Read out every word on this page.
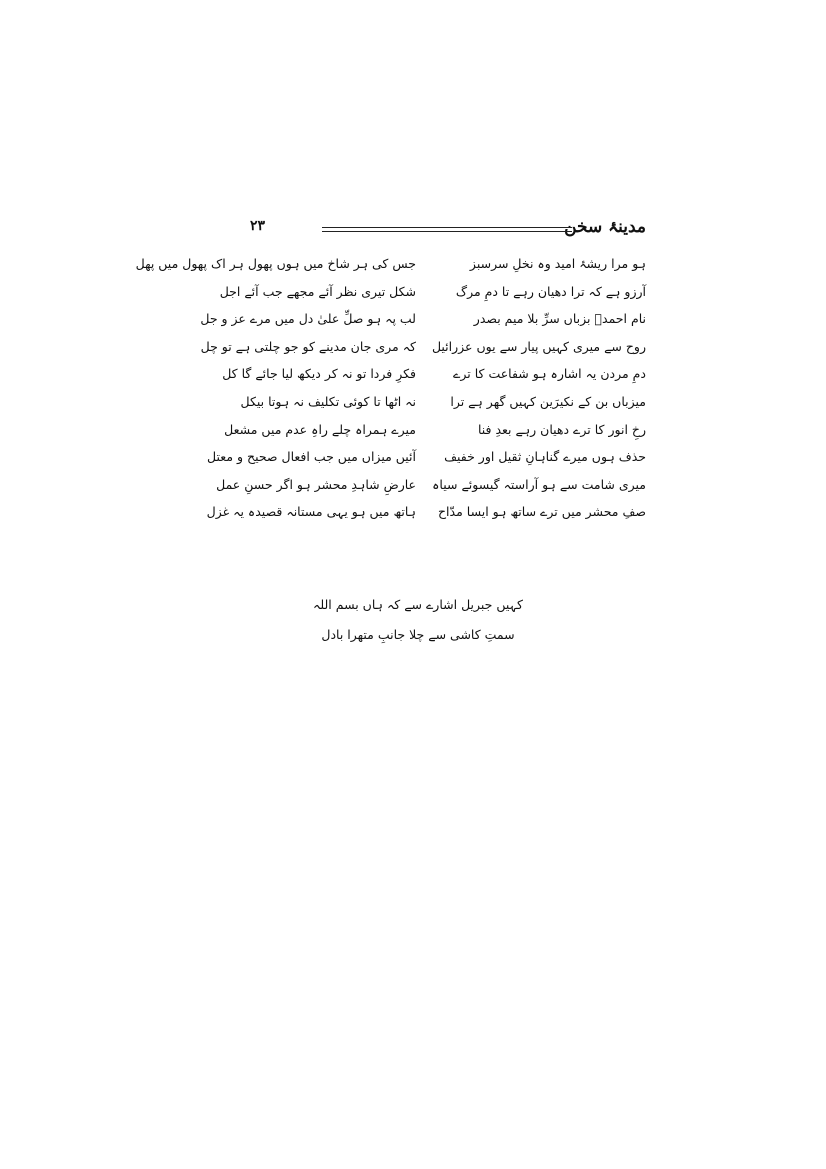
مدینۂ سخن
۲۳
ہو مرا ریشۂ امید وہ نخلِ سرسبز
جس کی ہر شاخ میں ہوں پھول ہر اک پھول میں پھل
آرزو ہے کہ ترا دھیان رہے تا دمِ مرگ
شکل تیری نظر آئے مجھے جب آئے اجل
نام احمدؐ بزباں سرِّ بلا میم بصدر
لب پہ ہو صلِّ علیٰ دل میں مرے عز و جل
روح سے میری کہیں پیار سے یوں عزرائیل
کہ مری جان مدینے کو جو چلتی ہے تو چل
دمِ مردن یہ اشارہ ہو شفاعت کا ترے
فکرِ فردا تو نہ کر دیکھ لیا جائے گا کل
میزباں بن کے نکیرَین کہیں گھر ہے ترا
نہ اٹھا تا کوئی تکلیف نہ ہوتا بیکل
رخِ انور کا ترے دھیان رہے بعدِ فنا
میرے ہمراہ چلے راہِ عدم میں مشعل
حذف ہوں میرے گناہانِ ثقیل اور خفیف
آئیں میزاں میں جب افعال صحیح و معتل
میری شامت سے ہو آراستہ گیسوئے سیاہ
عارضِ شاہدِ محشر ہو اگر حسنِ عمل
صفِ محشر میں ترے ساتھ ہو ایسا مدّاح
ہاتھ میں ہو یہی مستانہ قصیدہ یہ غزل
کہیں جبریل اشارے سے کہ ہاں بسم اللہ
سمتِ کاشی سے چلا جانبِ متھرا بادل
